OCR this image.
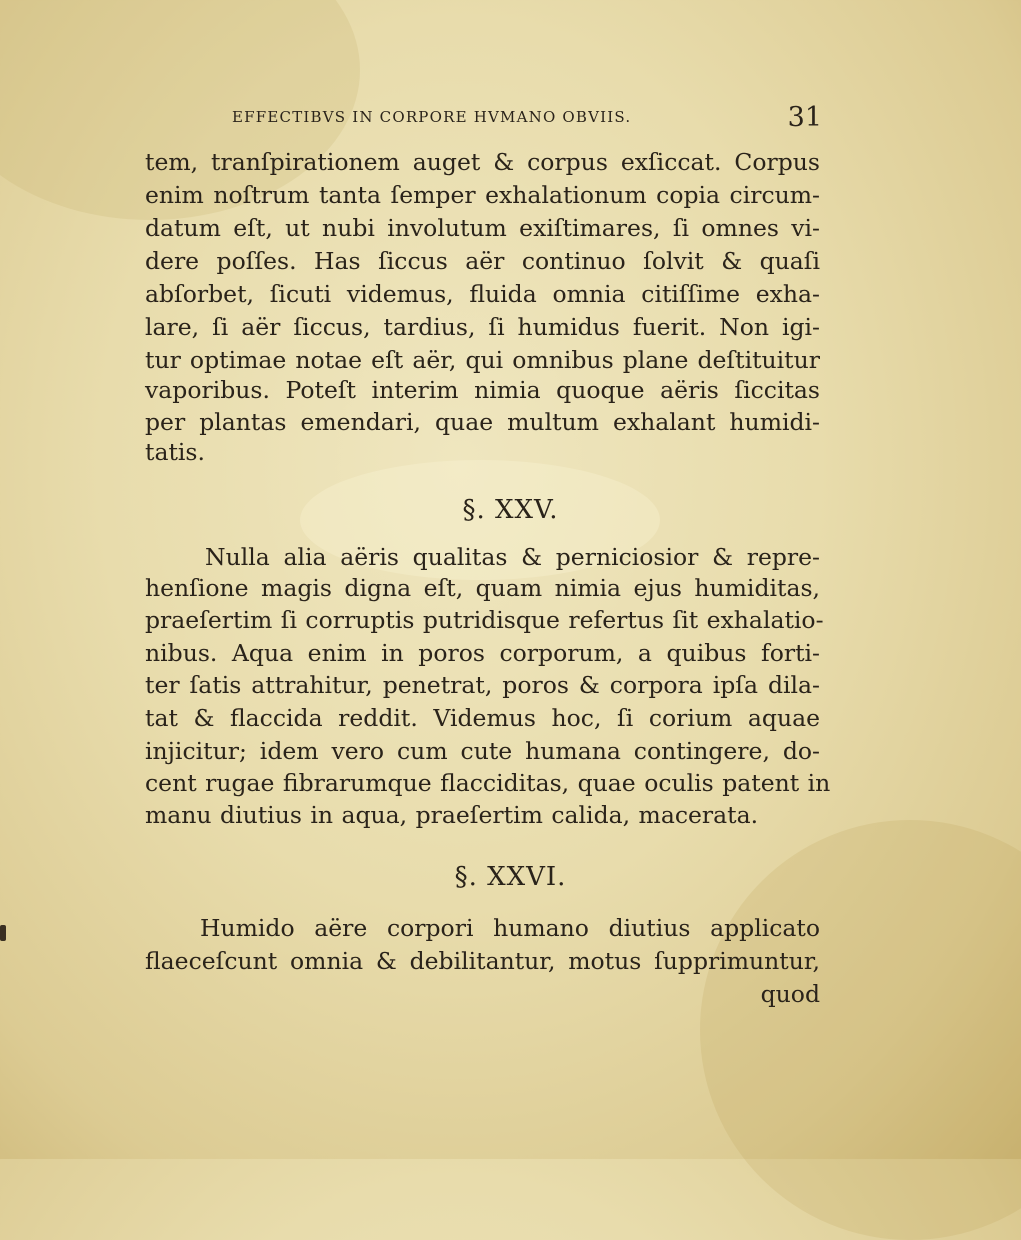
EFFECTIBVS IN CORPORE HVMANO OBVIIS.	31
tem, tranſpirationem auget & corpus exſiccat. Corpus
enim noſtrum tanta ſemper exhalationum copia circum-
datum eſt, ut nubi involutum exiſtimares, ſi omnes vi-
dere poſſes. Has ſiccus aër continuo ſolvit & quaſi
abſorbet, ſicuti videmus, fluida omnia citiſſime exha-
lare, ſi aër ſiccus, tardius, ſi humidus fuerit. Non igi-
tur optimae notae eſt aër, qui omnibus plane deſtituitur
vaporibus. Poteſt interim nimia quoque aëris ſiccitas
per plantas emendari, quae multum exhalant humidi-
tatis.
§. XXV.
Nulla alia aëris qualitas & perniciosior & repre-
henſione magis digna eſt, quam nimia ejus humiditas,
praeſertim ſi corruptis putridisque refertus ſit exhalatio-
nibus. Aqua enim in poros corporum, a quibus forti-
ter ſatis attrahitur, penetrat, poros & corpora ipſa dila-
tat & flaccida reddit. Videmus hoc, ſi corium aquae
injicitur; idem vero cum cute humana contingere, do-
cent rugae fibrarumque flacciditas, quae oculis patent in
manu diutius in aqua, praeſertim calida, macerata.
§. XXVI.
Humido aëre corpori humano diutius applicato
flaeceſcunt omnia & debilitantur, motus ſupprimuntur,
quod
